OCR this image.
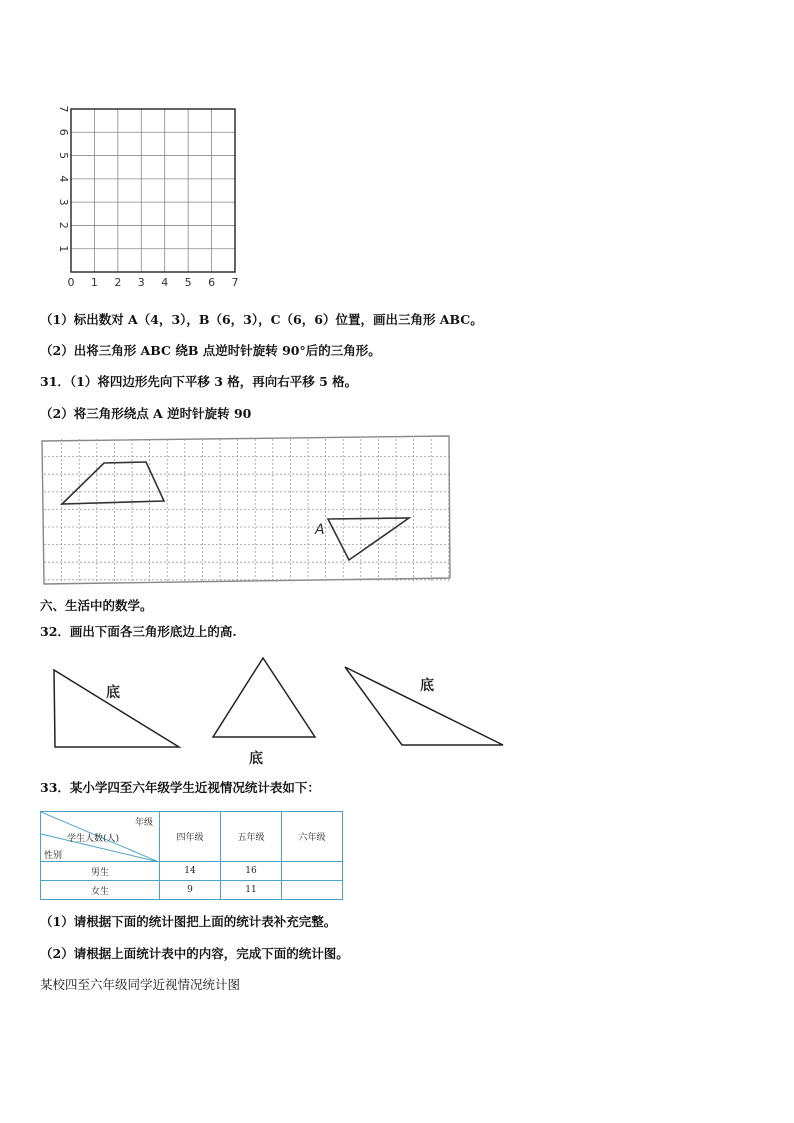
0 1 2 3 4 5 6 7
1
2
3
4
5
6
7
（1）标出数对 A（4，3），B（6，3），C（6，6）位置，画出三角形 ABC。
（2）出将三角形 ABC 绕B 点逆时针旋转 90°后的三角形。
31．（1）将四边形先向下平移 3 格，再向右平移 5 格。
（2）将三角形绕点 A 逆时针旋转 90
A
六、生活中的数学。
32．画出下面各三角形底边上的高.
底
底
底
33．某小学四至六年级学生近视情况统计表如下：
年级
学生人数(人)
性别	四年级	五年级	六年级
男生	14	16	
女生	9	11	
（1）请根据下面的统计图把上面的统计表补充完整。
（2）请根据上面统计表中的内容，完成下面的统计图。
某校四至六年级同学近视情况统计图
